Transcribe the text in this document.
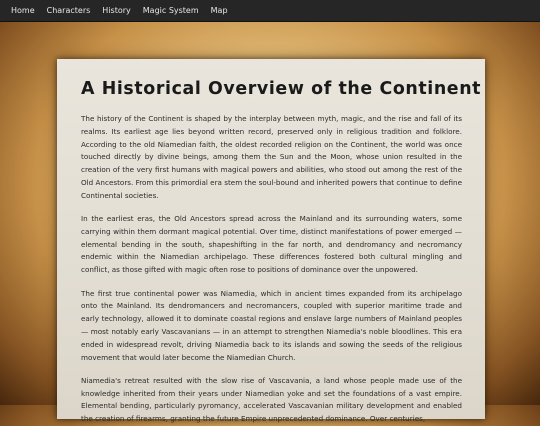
Home Characters History Magic System Map
A Historical Overview of the Continent

The history of the Continent is shaped by the interplay between myth, magic, and the rise and fall of its realms. Its earliest age lies beyond written record, preserved only in religious tradition and folklore. According to the old Niamedian faith, the oldest recorded religion on the Continent, the world was once touched directly by divine beings, among them the Sun and the Moon, whose union resulted in the creation of the very first humans with magical powers and abilities, who stood out among the rest of the Old Ancestors. From this primordial era stem the soul-bound and inherited powers that continue to define Continental societies.

In the earliest eras, the Old Ancestors spread across the Mainland and its surrounding waters, some carrying within them dormant magical potential. Over time, distinct manifestations of power emerged — elemental bending in the south, shapeshifting in the far north, and dendromancy and necromancy endemic within the Niamedian archipelago. These differences fostered both cultural mingling and conflict, as those gifted with magic often rose to positions of dominance over the unpowered.

The first true continental power was Niamedia, which in ancient times expanded from its archipelago onto the Mainland. Its dendromancers and necromancers, coupled with superior maritime trade and early technology, allowed it to dominate coastal regions and enslave large numbers of Mainland peoples — most notably early Vascavanians — in an attempt to strengthen Niamedia's noble bloodlines. This era ended in widespread revolt, driving Niamedia back to its islands and sowing the seeds of the religious movement that would later become the Niamedian Church.

Niamedia's retreat resulted with the slow rise of Vascavania, a land whose people made use of the knowledge inherited from their years under Niamedian yoke and set the foundations of a vast empire. Elemental bending, particularly pyromancy, accelerated Vascavanian military development and enabled the creation of firearms, granting the future Empire unprecedented dominance. Over centuries,
